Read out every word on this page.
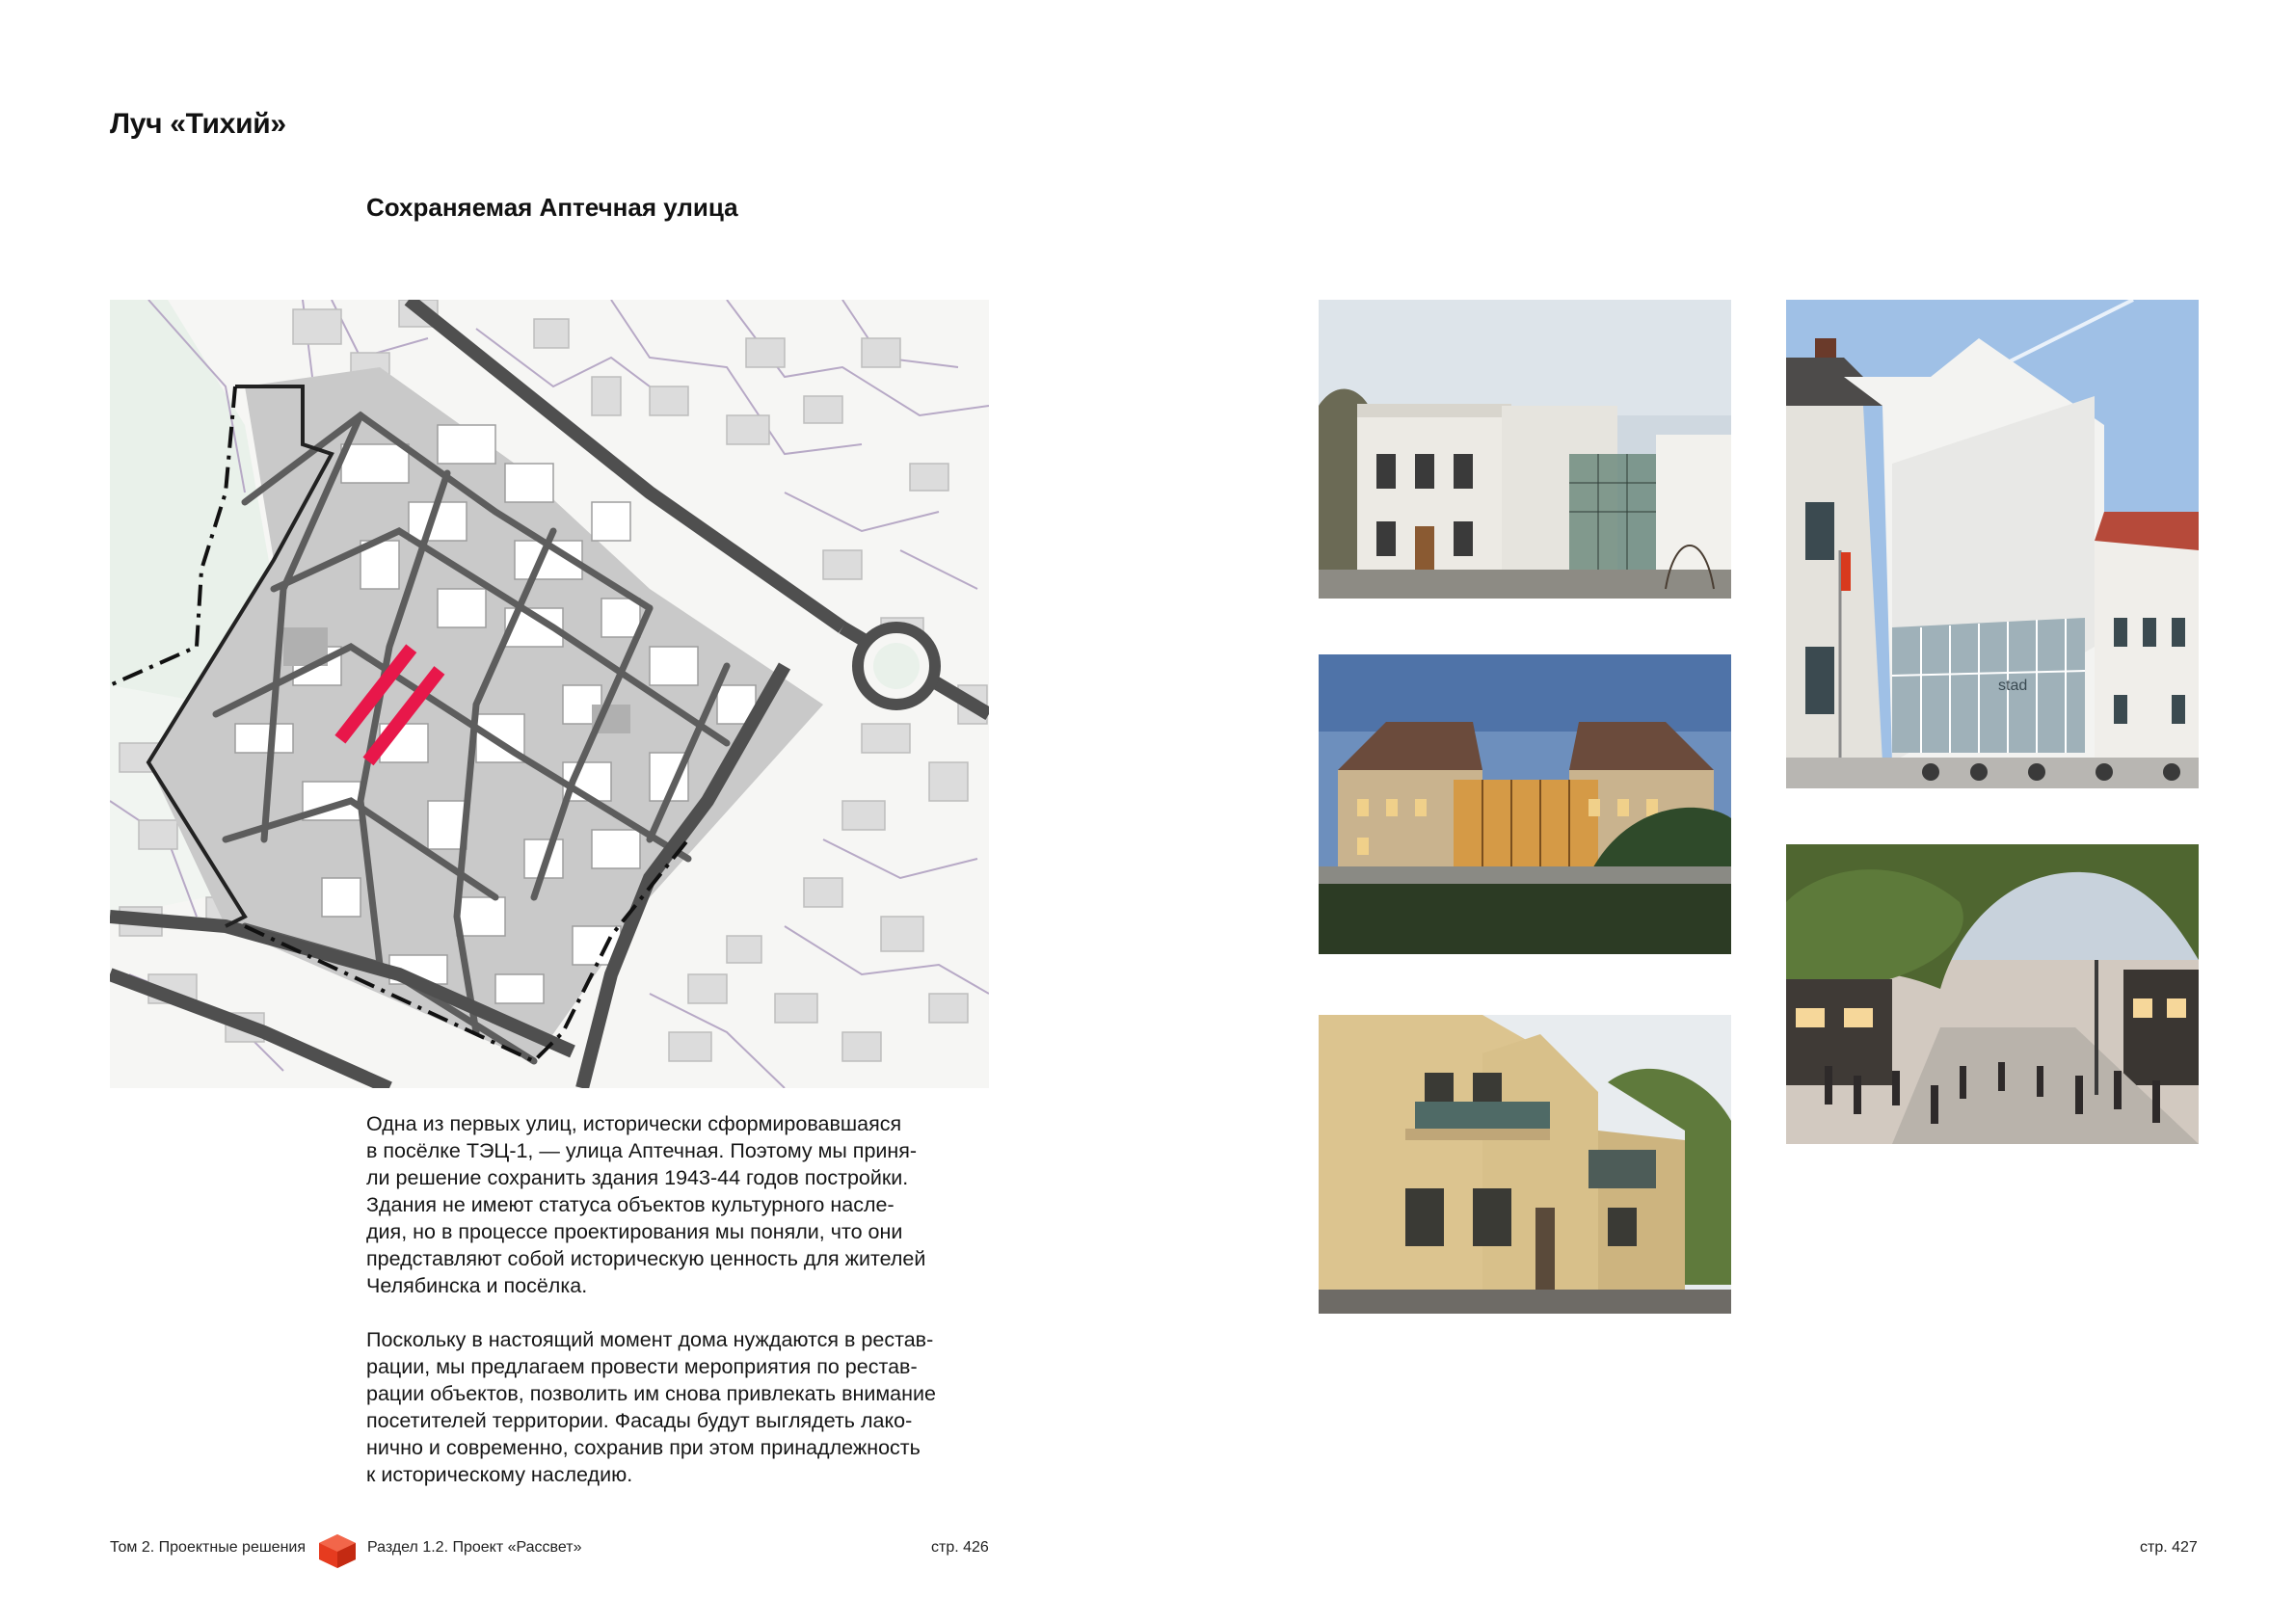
Луч «Тихий»
Сохраняемая Аптечная улица

Одна из первых улиц, исторически сформировавшаяся
в посёлке ТЭЦ-1, — улица Аптечная. Поэтому мы приня-
ли решение сохранить здания 1943-44 годов постройки.
Здания не имеют статуса объектов культурного насле-
дия, но в процессе проектирования мы поняли, что они
представляют собой историческую ценность для жителей
Челябинска и посёлка.

Поскольку в настоящий момент дома нуждаются в рестав-
рации, мы предлагаем провести мероприятия по рестав-
рации объектов, позволить им снова привлекать внимание
посетителей территории. Фасады будут выглядеть лако-
нично и современно, сохранив при этом принадлежность
к историческому наследию.

stad
Том 2. Проектные решения	Раздел 1.2. Проект «Рассвет»	стр. 426	стр. 427
